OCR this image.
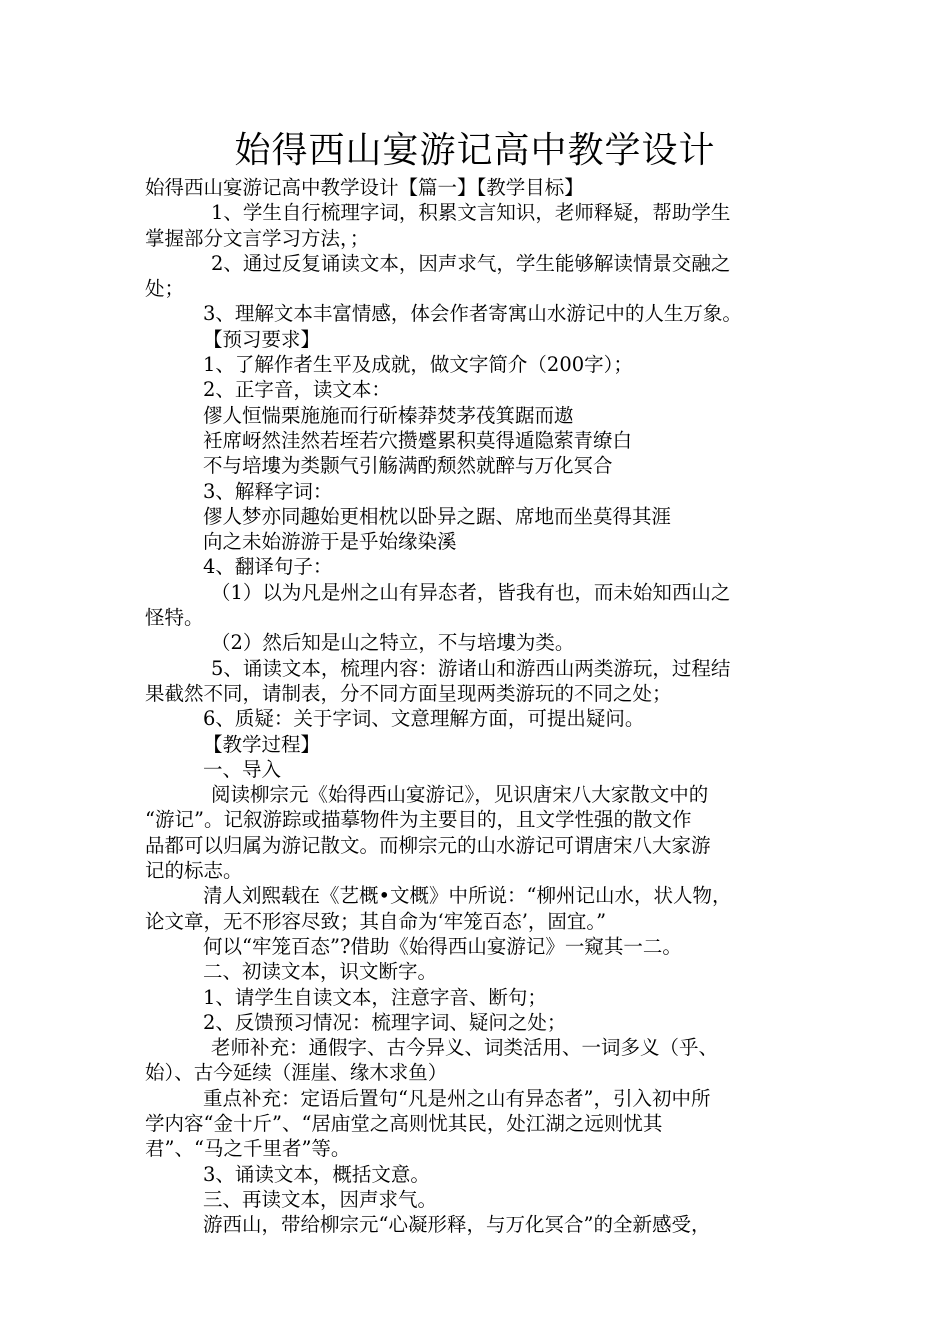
始得西山宴游记高中教学设计

始得西山宴游记高中教学设计【篇一】【教学目标】

1、学生自行梳理字词，积累文言知识，老师释疑，帮助学生

掌握部分文言学习方法，；

2、通过反复诵读文本，因声求气，学生能够解读情景交融之

处；

3、理解文本丰富情感，体会作者寄寓山水游记中的人生万象。

【预习要求】

1、了解作者生平及成就，做文字简介（200字）；

2、正字音，读文本：

僇人恒惴栗施施而行斫榛莽焚茅茷箕踞而遨

衽席岈然洼然若垤若穴攒蹙累积莫得遁隐萦青缭白

不与培塿为类颢气引觞满酌颓然就醉与万化冥合

3、解释字词：

僇人梦亦同趣始更相枕以卧异之踞、席地而坐莫得其涯

向之未始游游于是乎始缘染溪

4、翻译句子：

（1）以为凡是州之山有异态者，皆我有也，而未始知西山之

怪特。

（2）然后知是山之特立，不与培塿为类。

5、诵读文本，梳理内容：游诸山和游西山两类游玩，过程结

果截然不同，请制表，分不同方面呈现两类游玩的不同之处；

6、质疑：关于字词、文意理解方面，可提出疑问。

【教学过程】

一、导入

阅读柳宗元《始得西山宴游记》，见识唐宋八大家散文中的

“游记”。记叙游踪或描摹物件为主要目的，且文学性强的散文作

品都可以归属为游记散文。而柳宗元的山水游记可谓唐宋八大家游

记的标志。

清人刘熙载在《艺概•文概》中所说：“柳州记山水，状人物，

论文章，无不形容尽致；其自命为‘牢笼百态’，固宜。”

何以“牢笼百态”?借助《始得西山宴游记》一窥其一二。

二、初读文本，识文断字。

1、请学生自读文本，注意字音、断句；

2、反馈预习情况：梳理字词、疑问之处；

老师补充：通假字、古今异义、词类活用、一词多义（乎、

始）、古今延续（涯崖、缘木求鱼）

重点补充：定语后置句“凡是州之山有异态者”，引入初中所

学内容“金十斤”、“居庙堂之高则忧其民，处江湖之远则忧其

君”、“马之千里者”等。

3、诵读文本，概括文意。

三、再读文本，因声求气。

游西山，带给柳宗元“心凝形释，与万化冥合”的全新感受，
